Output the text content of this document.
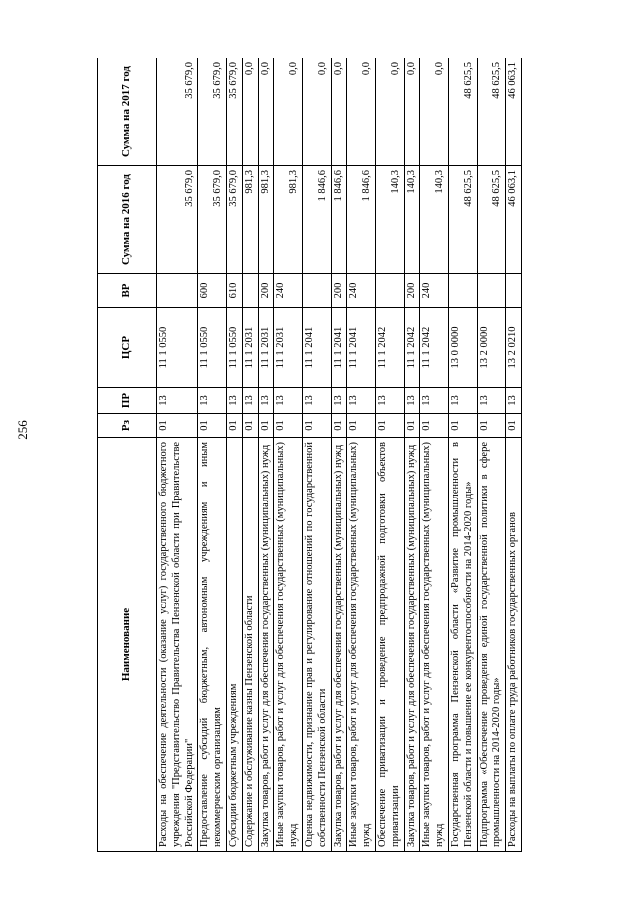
256
Наименование	Рз	ПР	ЦСР	ВР	Сумма на 2016 год	Сумма на 2017 год
Расходы на обеспечение деятельности (оказание услуг) государственного бюджетного учреждения "Представительство Правительства Пензенской области при Правительстве Российской Федерации"	01	13	11 1 0550		35 679,0	35 679,0
Предоставление субсидий бюджетным, автономным учреждениям и иным некоммерческим организациям	01	13	11 1 0550	600	35 679,0	35 679,0
Субсидии бюджетным учреждениям	01	13	11 1 0550	610	35 679,0	35 679,0
Содержание и обслуживание казны Пензенской области	01	13	11 1 2031		981,3	0,0
Закупка товаров, работ и услуг для обеспечения государственных (муниципальных) нужд	01	13	11 1 2031	200	981,3	0,0
Иные закупки товаров, работ и услуг для обеспечения государственных (муниципальных) нужд	01	13	11 1 2031	240	981,3	0,0
Оценка недвижимости, признание прав и регулирование отношений по государственной собственности Пензенской области	01	13	11 1 2041		1 846,6	0,0
Закупка товаров, работ и услуг для обеспечения государственных (муниципальных) нужд	01	13	11 1 2041	200	1 846,6	0,0
Иные закупки товаров, работ и услуг для обеспечения государственных (муниципальных) нужд	01	13	11 1 2041	240	1 846,6	0,0
Обеспечение приватизации и проведение предпродажной подготовки объектов приватизации	01	13	11 1 2042		140,3	0,0
Закупка товаров, работ и услуг для обеспечения государственных (муниципальных) нужд	01	13	11 1 2042	200	140,3	0,0
Иные закупки товаров, работ и услуг для обеспечения государственных (муниципальных) нужд	01	13	11 1 2042	240	140,3	0,0
Государственная программа Пензенской области «Развитие промышленности в Пензенской области и повышение ее конкурентоспособности на 2014-2020 годы»	01	13	13 0 0000		48 625,5	48 625,5
Подпрограмма «Обеспечение проведения единой государственной политики в сфере промышленности на 2014-2020 годы»	01	13	13 2 0000		48 625,5	48 625,5
Расходы на выплаты по оплате труда работников государственных органов	01	13	13 2 0210		46 063,1	46 063,1
